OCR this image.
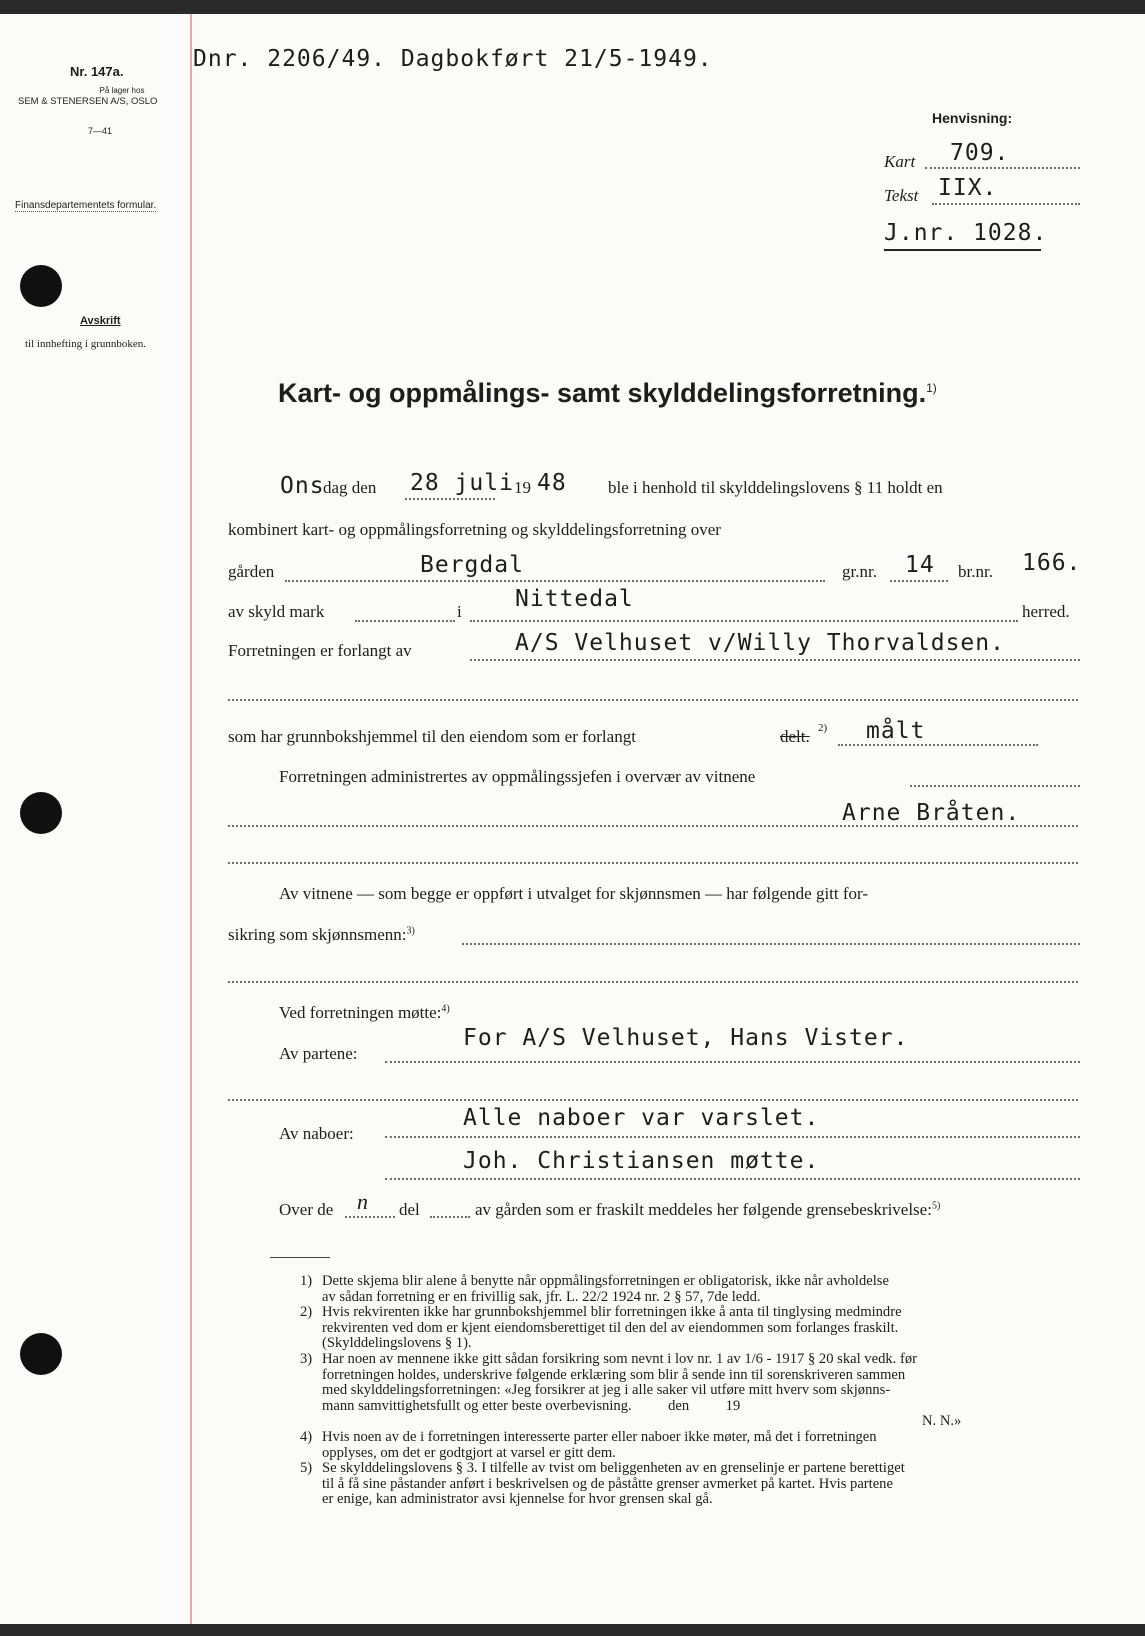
Nr. 147a.
På lager hos
SEM & STENERSEN A/S, OSLO
7—41
Finansdepartementets formular.
Avskrift
til innhefting i grunnboken.
Dnr. 2206/49. Dagbokført 21/5-1949.
Henvisning:
Kart 709.
Tekst IIX.
J.nr. 1028.
Kart- og oppmålings- samt skylddelingsforretning.$^{1)}$
Ons
dag den 28 juli 19 48 ble i henhold til skylddelingslovens § 11 holdt en
kombinert kart- og oppmålingsforretning og skylddelingsforretning over
gården	Bergdal	gr.nr. 14 br.nr. 166.
av skyld mark	i Nittedal	herred.
Forretningen er forlangt av	A/S Velhuset v/Willy Thorvaldsen.
som har grunnbokshjemmel til den eiendom som er forlangt	delt. 2) målt
Forretningen administrertes av oppmålingssjefen i overvær av vitnene
Arne Bråten.
Av vitnene — som begge er oppført i utvalget for skjønnsmen — har følgende gitt for-
sikring som skjønnsmenn:$^{3)}$
Ved forretningen møtte:$^{4)}$
Av partene:
For A/S Velhuset, Hans Vister.
Av naboer:
Alle naboer var varslet.
Joh. Christiansen møtte.
Over de n del	av gården som er fraskilt meddeles her følgende grensebeskrivelse:$^{5)}$
1) Dette skjema blir alene å benytte når oppmålingsforretningen er obligatorisk, ikke når avholdelse
av sådan forretning er en frivillig sak, jfr. L. 22/2 1924 nr. 2 § 57, 7de ledd.
2) Hvis rekvirenten ikke har grunnbokshjemmel blir forretningen ikke å anta til tinglysing medmindre
rekvirenten ved dom er kjent eiendomsberettiget til den del av eiendommen som forlanges fraskilt.
(Skylddelingslovens § 1).
3) Har noen av mennene ikke gitt sådan forsikring som nevnt i lov nr. 1 av 1/6 - 1917 § 20 skal vedk. før
forretningen holdes, underskrive følgende erklæring som blir å sende inn til sorenskriveren sammen
med skylddelingsforretningen: «Jeg forsikrer at jeg i alle saker vil utføre mitt hverv som skjønns-
mann samvittighetsfullt og etter beste overbevisning.          den          19
N. N.»
4) Hvis noen av de i forretningen interesserte parter eller naboer ikke møter, må det i forretningen
opplyses, om det er godtgjort at varsel er gitt dem.
5) Se skylddelingslovens § 3. I tilfelle av tvist om beliggenheten av en grenselinje er partene berettiget
til å få sine påstander anført i beskrivelsen og de påståtte grenser avmerket på kartet. Hvis partene
er enige, kan administrator avsi kjennelse for hvor grensen skal gå.
